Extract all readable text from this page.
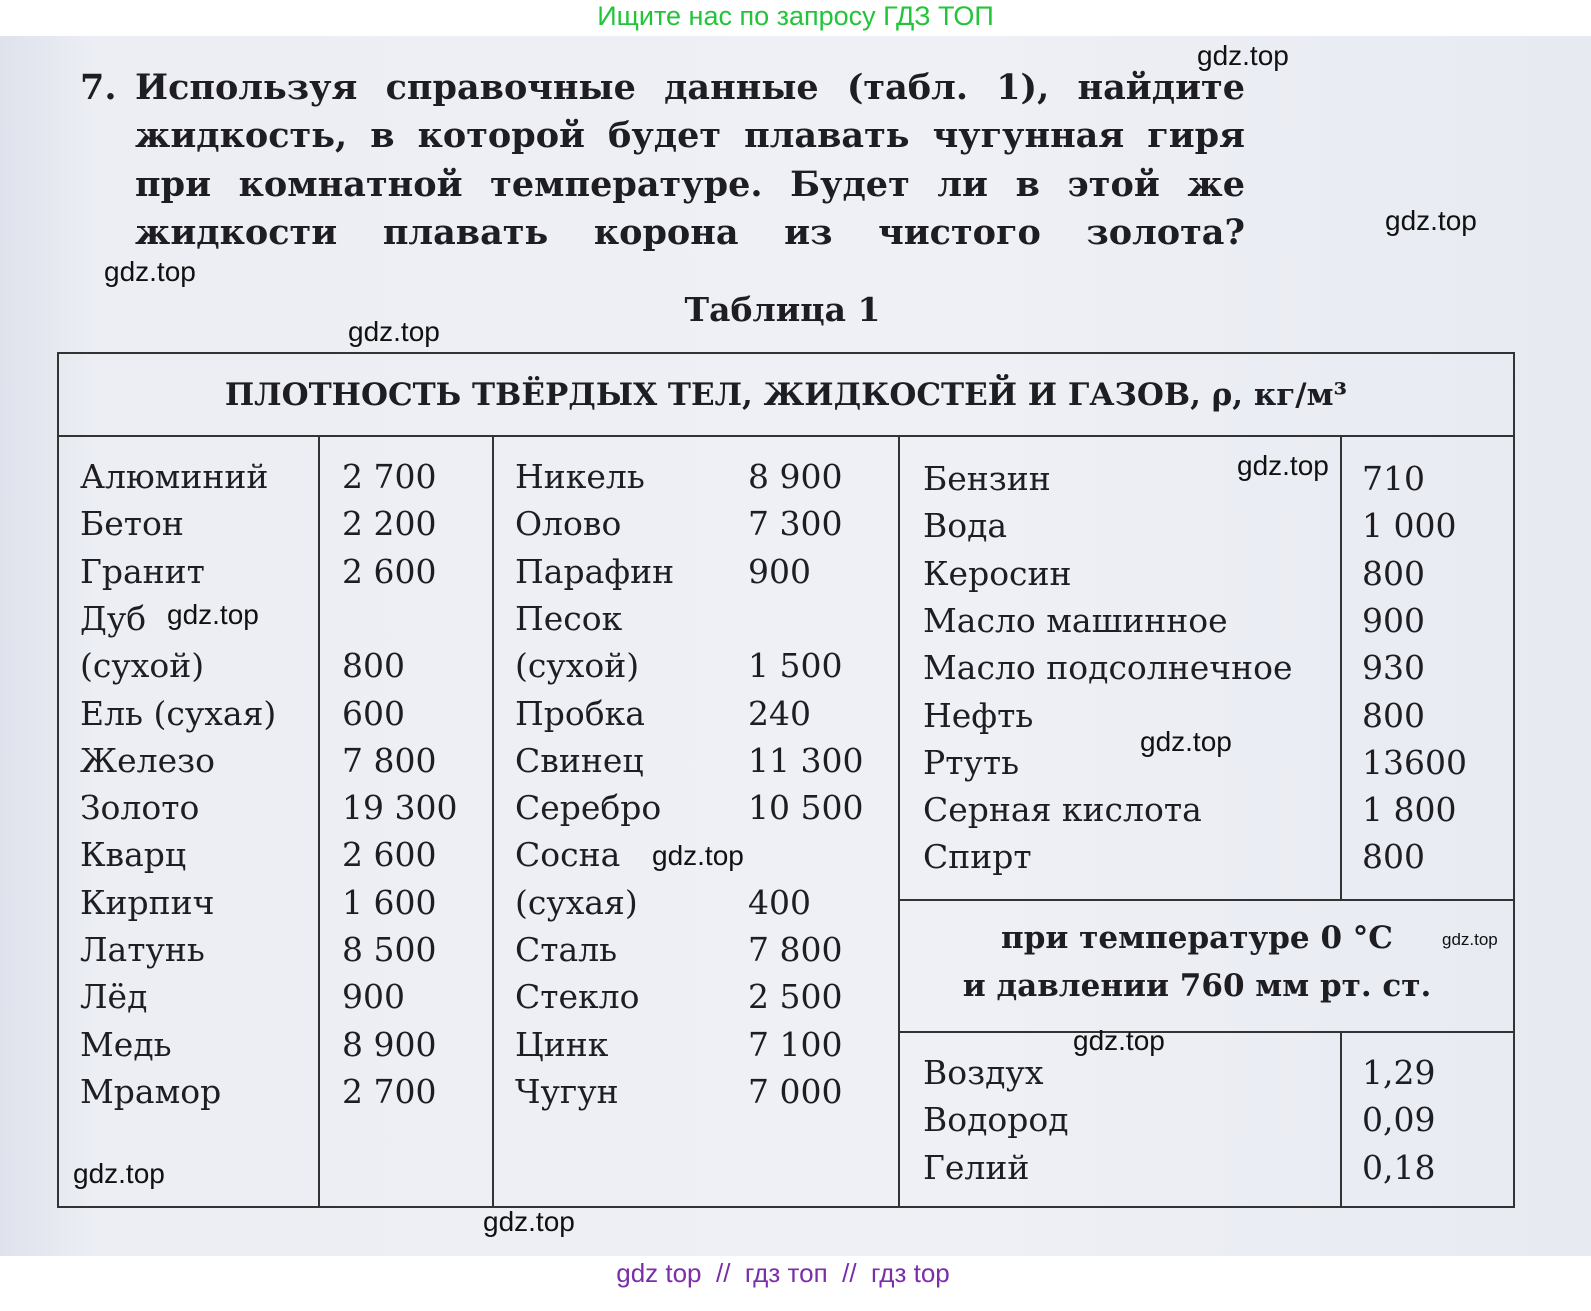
Ищите нас по запросу ГДЗ ТОП
7. Используя справочные данные (табл. 1), найдите
жидкость, в которой будет плавать чугунная гиря
при комнатной температуре. Будет ли в этой же
жидкости плавать корона из чистого золота?
Таблица 1
ПЛОТНОСТЬ ТВЁРДЫХ ТЕЛ, ЖИДКОСТЕЙ И ГАЗОВ, ρ, кг/м³
при температуре 0 °С
и давлении 760 мм рт. ст.
Алюминий 2 700
Бетон	2 200
Гранит	2 600
Дуб
(сухой)	800
Ель (сухая) 600
Железо	7 800
Золото	19 300
Кварц	2 600
Кирпич	1 600
Латунь	8 500
Лёд	900
Медь	8 900
Мрамор	2 700
Никель	8 900
Олово	7 300
Парафин 900
Песок
(сухой)	1 500
Пробка	240
Свинец	11 300
Серебро	10 500
Сосна
(сухая)	400
Сталь	7 800
Стекло	2 500
Цинк	7 100
Чугун	7 000
Бензин	710
Вода	1 000
Керосин	800
Масло машинное	900
Масло подсолнечное 930
Нефть	800
Ртуть	13600
Серная кислота	1 800
Спирт	800
Воздух	1,29
Водород	0,09
Гелий	0,18
gdz.top
gdz.top
gdz.top
gdz.top
gdz.top
gdz.top
gdz.top
gdz.top
gdz.top
gdz.top
gdz.top
gdz.top
gdz top  //  гдз топ  //  гдз top
